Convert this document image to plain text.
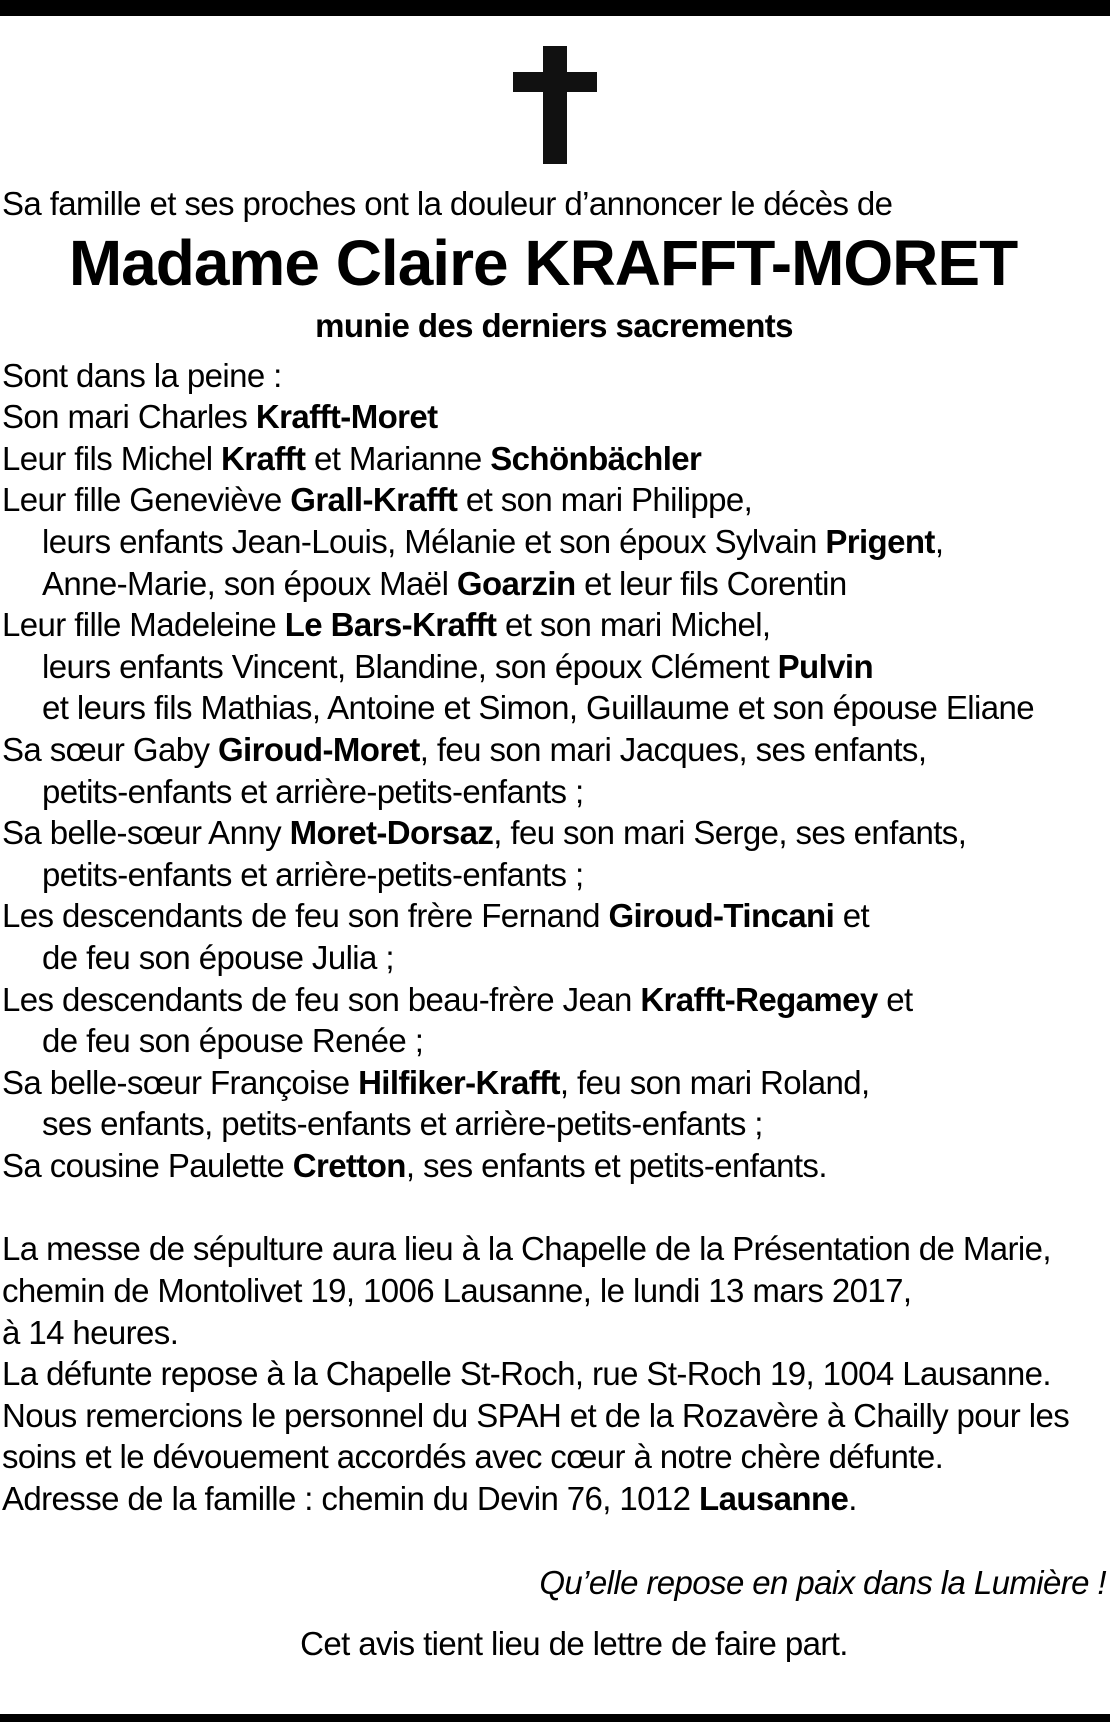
Sa famille et ses proches ont la douleur d’annoncer le décès de

Madame Claire KRAFFT-MORET

munie des derniers sacrements

Sont dans la peine :

Son mari Charles Krafft-Moret

Leur fils Michel Krafft et Marianne Schönbächler

Leur fille Geneviève Grall-Krafft et son mari Philippe,

leurs enfants Jean-Louis, Mélanie et son époux Sylvain Prigent,

Anne-Marie, son époux Maël Goarzin et leur fils Corentin

Leur fille Madeleine Le Bars-Krafft et son mari Michel,

leurs enfants Vincent, Blandine, son époux Clément Pulvin

et leurs fils Mathias, Antoine et Simon, Guillaume et son épouse Eliane

Sa sœur Gaby Giroud-Moret, feu son mari Jacques, ses enfants,

petits-enfants et arrière-petits-enfants ;

Sa belle-sœur Anny Moret-Dorsaz, feu son mari Serge, ses enfants,

petits-enfants et arrière-petits-enfants ;

Les descendants de feu son frère Fernand Giroud-Tincani et

de feu son épouse Julia ;

Les descendants de feu son beau-frère Jean Krafft-Regamey et

de feu son épouse Renée ;

Sa belle-sœur Françoise Hilfiker-Krafft, feu son mari Roland,

ses enfants, petits-enfants et arrière-petits-enfants ;

Sa cousine Paulette Cretton, ses enfants et petits-enfants.

La messe de sépulture aura lieu à la Chapelle de la Présentation de Marie,

chemin de Montolivet 19, 1006 Lausanne, le lundi 13 mars 2017,

à 14 heures.

La défunte repose à la Chapelle St-Roch, rue St-Roch 19, 1004 Lausanne.

Nous remercions le personnel du SPAH et de la Rozavère à Chailly pour les

soins et le dévouement accordés avec cœur à notre chère défunte.

Adresse de la famille : chemin du Devin 76, 1012 Lausanne.

Qu’elle repose en paix dans la Lumière !

Cet avis tient lieu de lettre de faire part.
